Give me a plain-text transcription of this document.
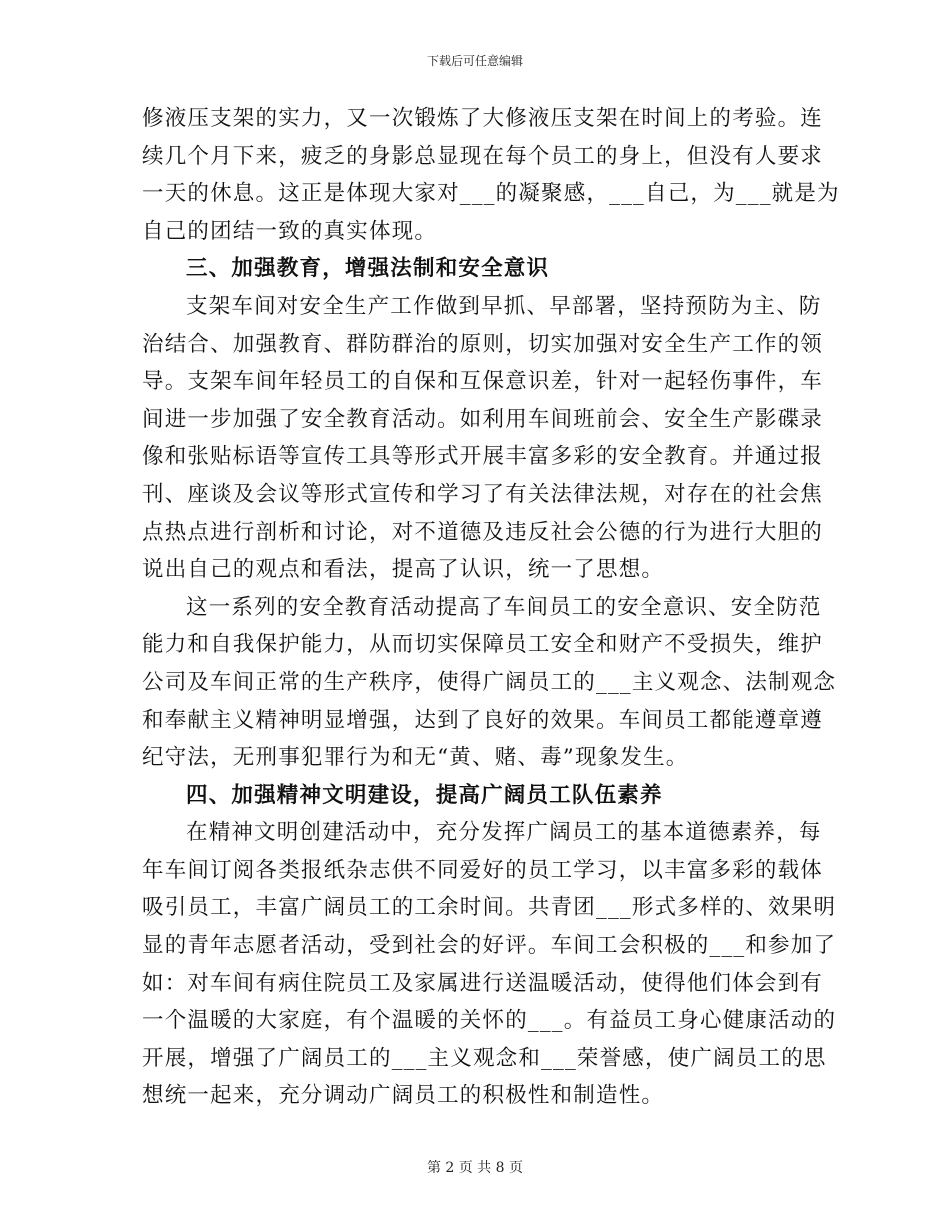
下载后可任意编辑
修液压支架的实力，又一次锻炼了大修液压支架在时间上的考验。连
续几个月下来，疲乏的身影总显现在每个员工的身上，但没有人要求
一天的休息。这正是体现大家对___的凝聚感，___自己，为___就是为
自己的团结一致的真实体现。
三、加强教育，增强法制和安全意识
支架车间对安全生产工作做到早抓、早部署，坚持预防为主、防
治结合、加强教育、群防群治的原则，切实加强对安全生产工作的领
导。支架车间年轻员工的自保和互保意识差，针对一起轻伤事件，车
间进一步加强了安全教育活动。如利用车间班前会、安全生产影碟录
像和张贴标语等宣传工具等形式开展丰富多彩的安全教育。并通过报
刊、座谈及会议等形式宣传和学习了有关法律法规，对存在的社会焦
点热点进行剖析和讨论，对不道德及违反社会公德的行为进行大胆的
说出自己的观点和看法，提高了认识，统一了思想。
这一系列的安全教育活动提高了车间员工的安全意识、安全防范
能力和自我保护能力，从而切实保障员工安全和财产不受损失，维护
公司及车间正常的生产秩序，使得广阔员工的___主义观念、法制观念
和奉献主义精神明显增强，达到了良好的效果。车间员工都能遵章遵
纪守法，无刑事犯罪行为和无“黄、赌、毒”现象发生。
四、加强精神文明建设，提高广阔员工队伍素养
在精神文明创建活动中，充分发挥广阔员工的基本道德素养，每
年车间订阅各类报纸杂志供不同爱好的员工学习，以丰富多彩的载体
吸引员工，丰富广阔员工的工余时间。共青团___形式多样的、效果明
显的青年志愿者活动，受到社会的好评。车间工会积极的___和参加了
如：对车间有病住院员工及家属进行送温暖活动，使得他们体会到有
一个温暖的大家庭，有个温暖的关怀的___。有益员工身心健康活动的
开展，增强了广阔员工的___主义观念和___荣誉感，使广阔员工的思
想统一起来，充分调动广阔员工的积极性和制造性。
第 2 页 共 8 页
